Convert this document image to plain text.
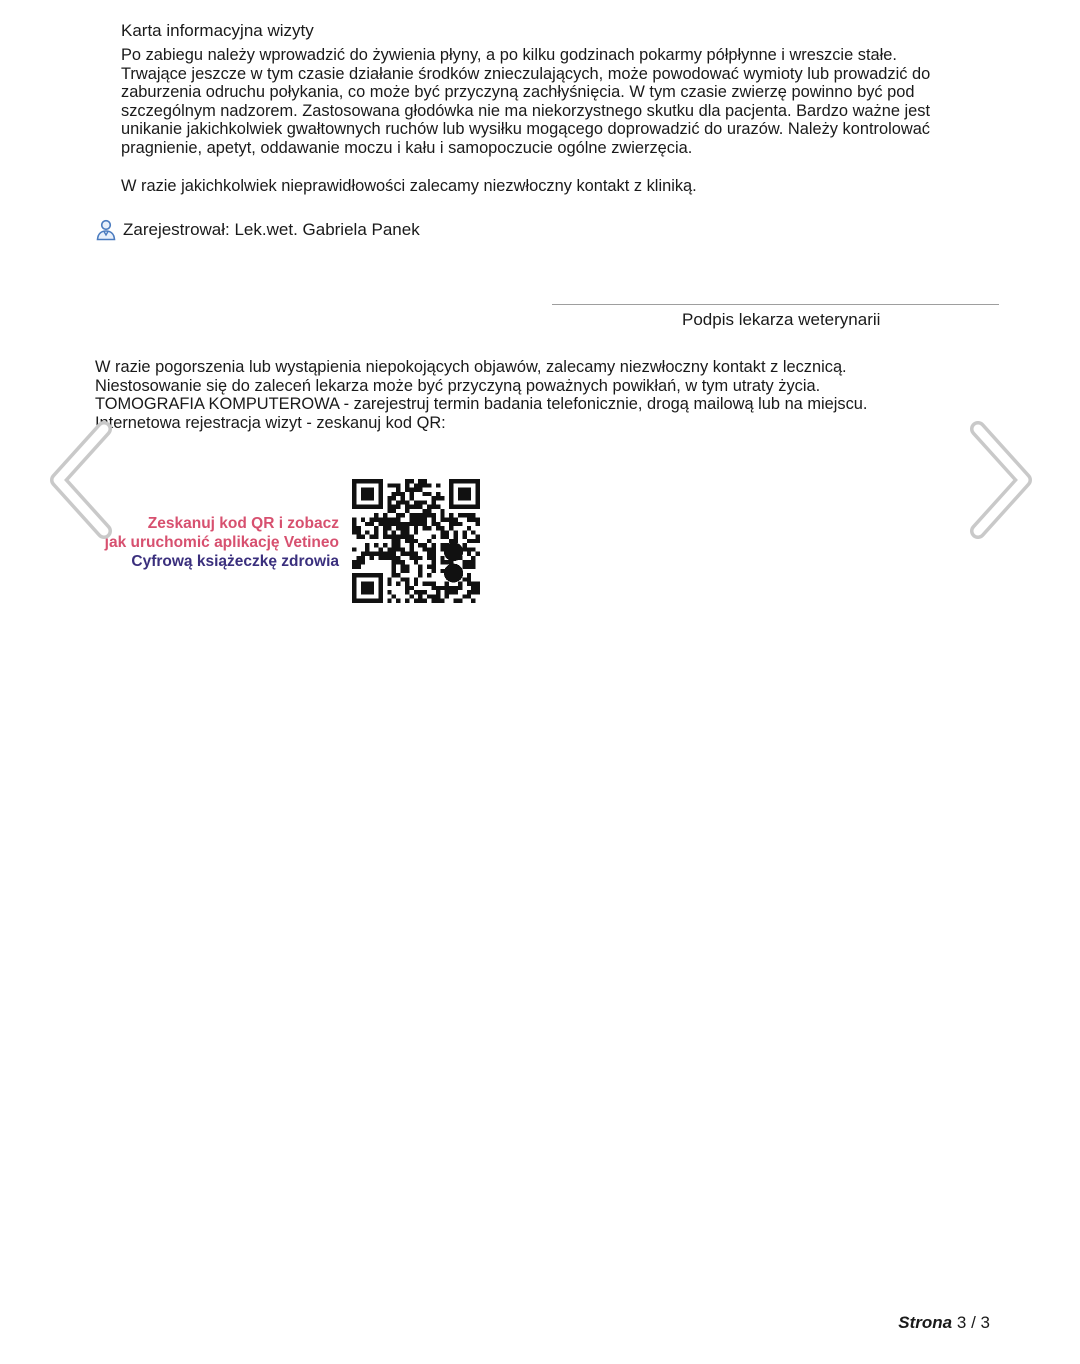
Karta informacyjna wizyty

Po zabiegu należy wprowadzić do żywienia płyny, a po kilku godzinach pokarmy półpłynne i wreszcie stałe.

Trwające jeszcze w tym czasie działanie środków znieczulających, może powodować wymioty lub prowadzić do

zaburzenia odruchu połykania, co może być przyczyną zachłyśnięcia. W tym czasie zwierzę powinno być pod

szczególnym nadzorem. Zastosowana głodówka nie ma niekorzystnego skutku dla pacjenta. Bardzo ważne jest

unikanie jakichkolwiek gwałtownych ruchów lub wysiłku mogącego doprowadzić do urazów. Należy kontrolować

pragnienie, apetyt, oddawanie moczu i kału i samopoczucie ogólne zwierzęcia.

W razie jakichkolwiek nieprawidłowości zalecamy niezwłoczny kontakt z kliniką.
Zarejestrował: Lek.wet. Gabriela Panek
Podpis lekarza weterynarii
W razie pogorszenia lub wystąpienia niepokojących objawów, zalecamy niezwłoczny kontakt z lecznicą.
Niestosowanie się do zaleceń lekarza może być przyczyną poważnych powikłań, w tym utraty życia.
TOMOGRAFIA KOMPUTEROWA - zarejestruj termin badania telefonicznie, drogą mailową lub na miejscu.
Internetowa rejestracja wizyt - zeskanuj kod QR:
Zeskanuj kod QR i zobacz
jak uruchomić aplikację Vetineo
Cyfrową książeczkę zdrowia
Strona 3 / 3
